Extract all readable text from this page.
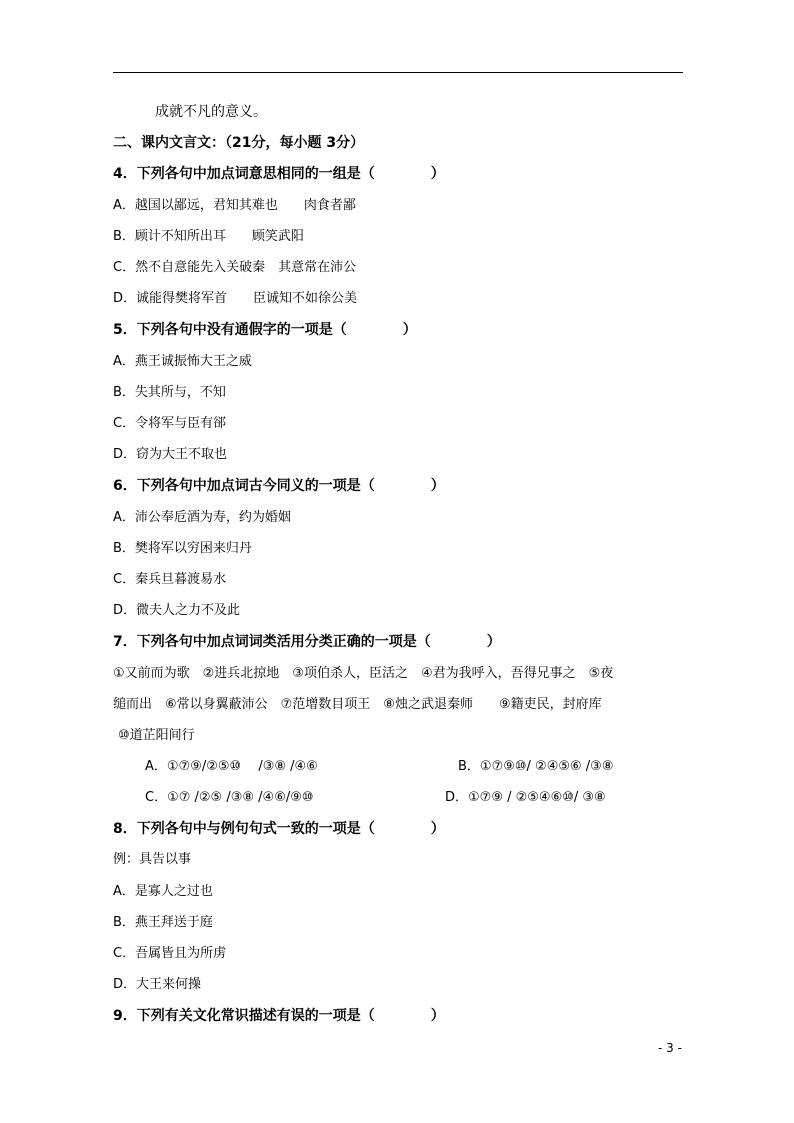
成就不凡的意义。
二、课内文言文：（21分，每小题 3分）
4．下列各句中加点词意思相同的一组是（　　　　）
A．越国以鄙远，君知其难也　　肉食者鄙
B．顾计不知所出耳　　顾笑武阳
C．然不自意能先入关破秦　其意常在沛公
D．诚能得樊将军首　　臣诚知不如徐公美
5．下列各句中没有通假字的一项是（　　　　）
A．燕王诚振怖大王之威
B．失其所与，不知
C．令将军与臣有郤
D．窃为大王不取也
6．下列各句中加点词古今同义的一项是（　　　　）
A．沛公奉卮酒为寿，约为婚姻
B．樊将军以穷困来归丹
C．秦兵旦暮渡易水
D．微夫人之力不及此
7．下列各句中加点词词类活用分类正确的一项是（　　　　）
①又前而为歌　②进兵北掠地　③项伯杀人，臣活之　④君为我呼入，吾得兄事之　⑤夜
缒而出　⑥常以身翼蔽沛公　⑦范增数目项王　⑧烛之武退秦师　　⑨籍吏民，封府库
⑩道芷阳间行
A．①⑦⑨/②⑤⑩　 /③⑧ /④⑥	B．①⑦⑨⑩/ ②④⑤⑥ /③⑧
C．①⑦ /②⑤ /③⑧ /④⑥/⑨⑩	D．①⑦⑨ / ②⑤④⑥⑩/ ③⑧
8．下列各句中与例句句式一致的一项是（　　　　）
例：具告以事
A．是寡人之过也
B．燕王拜送于庭
C．吾属皆且为所虏
D．大王来何操
9．下列有关文化常识描述有误的一项是（　　　　）
- 3 -
